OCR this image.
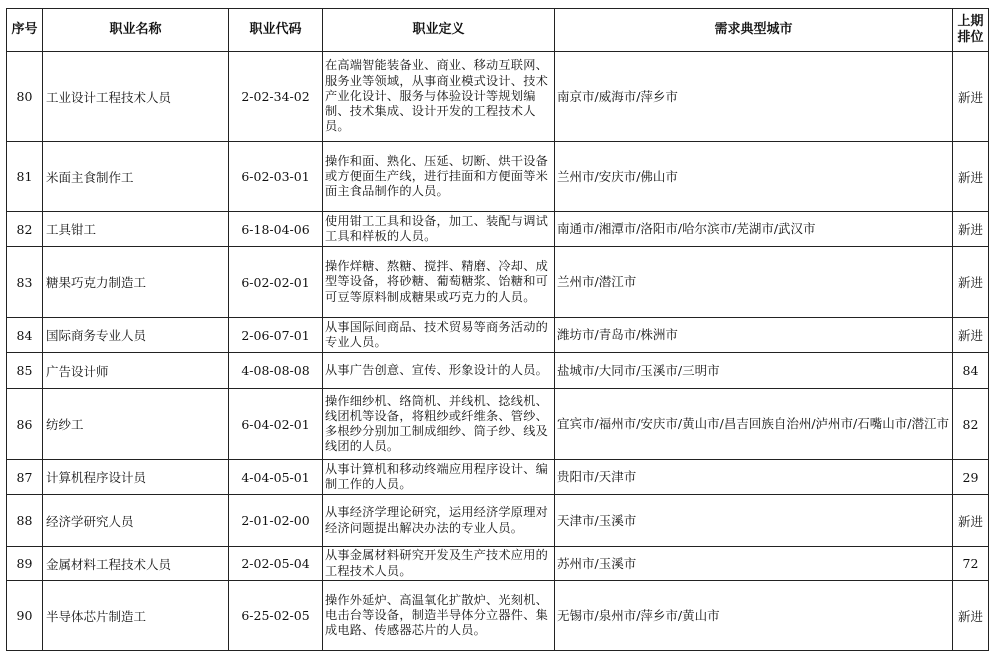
序号	职业名称	职业代码	职业定义	需求典型城市	上期排位
80	工业设计工程技术人员	2-02-34-02	在高端智能装备业、商业、移动互联网、服务业等领域，从事商业模式设计、技术产业化设计、服务与体验设计等规划编制、技术集成、设计开发的工程技术人员。	南京市/威海市/萍乡市	新进
81	米面主食制作工	6-02-03-01	操作和面、熟化、压延、切断、烘干设备或方便面生产线，进行挂面和方便面等米面主食品制作的人员。	兰州市/安庆市/佛山市	新进
82	工具钳工	6-18-04-06	使用钳工工具和设备，加工、装配与调试工具和样板的人员。	南通市/湘潭市/洛阳市/哈尔滨市/芜湖市/武汉市	新进
83	糖果巧克力制造工	6-02-02-01	操作烊糖、熬糖、搅拌、精磨、冷却、成型等设备，将砂糖、葡萄糖浆、饴糖和可可豆等原料制成糖果或巧克力的人员。	兰州市/潜江市	新进
84	国际商务专业人员	2-06-07-01	从事国际间商品、技术贸易等商务活动的专业人员。	潍坊市/青岛市/株洲市	新进
85	广告设计师	4-08-08-08	从事广告创意、宣传、形象设计的人员。	盐城市/大同市/玉溪市/三明市	84
86	纺纱工	6-04-02-01	操作细纱机、络筒机、并线机、捻线机、线团机等设备，将粗纱或纤维条、管纱、多根纱分别加工制成细纱、筒子纱、线及线团的人员。	宜宾市/福州市/安庆市/黄山市/昌吉回族自治州/泸州市/石嘴山市/潜江市	82
87	计算机程序设计员	4-04-05-01	从事计算机和移动终端应用程序设计、编制工作的人员。	贵阳市/天津市	29
88	经济学研究人员	2-01-02-00	从事经济学理论研究，运用经济学原理对经济问题提出解决办法的专业人员。	天津市/玉溪市	新进
89	金属材料工程技术人员	2-02-05-04	从事金属材料研究开发及生产技术应用的工程技术人员。	苏州市/玉溪市	72
90	半导体芯片制造工	6-25-02-05	操作外延炉、高温氧化扩散炉、光刻机、电击台等设备，制造半导体分立器件、集成电路、传感器芯片的人员。	无锡市/泉州市/萍乡市/黄山市	新进
